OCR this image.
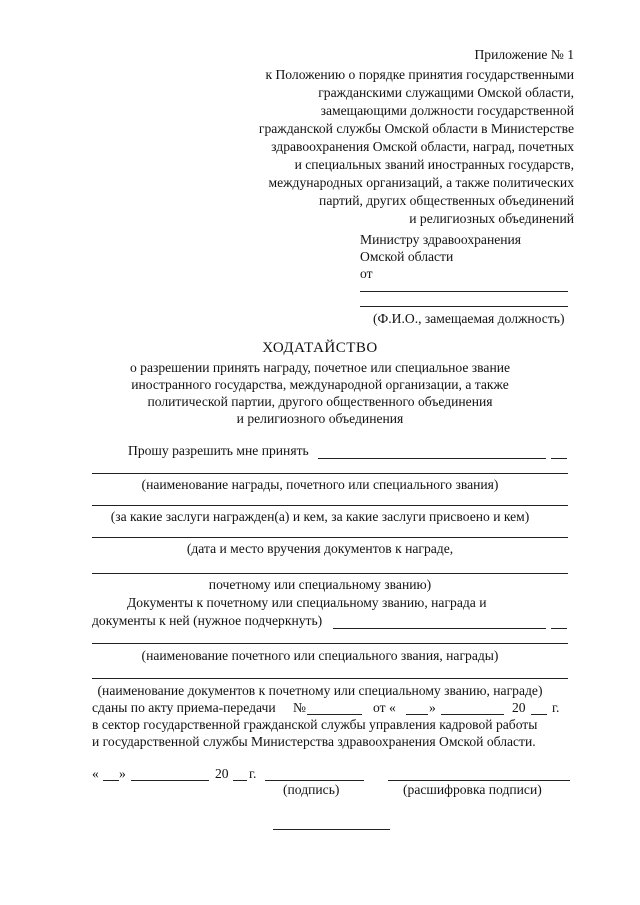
Приложение № 1
к Положению о порядке принятия государственными
гражданскими служащими Омской области,
замещающими должности государственной
гражданской службы Омской области в Министерстве
здравоохранения Омской области, наград, почетных
и специальных званий иностранных государств,
международных организаций, а также политических
партий, других общественных объединений
и религиозных объединений
Министру здравоохранения
Омской области
от
(Ф.И.О., замещаемая должность)
ХОДАТАЙСТВО
о разрешении принять награду, почетное или специальное звание
иностранного государства, международной организации, а также
политической партии, другого общественного объединения
и религиозного объединения
Прошу разрешить мне принять
(наименование награды, почетного или специального звания)
(за какие заслуги награжден(а) и кем, за какие заслуги присвоено и кем)
(дата и место вручения документов к награде,
почетному или специальному званию)
Документы к почетному или специальному званию, награда и
документы к ней (нужное подчеркнуть)
(наименование почетного или специального звания, награды)
(наименование документов к почетному или специальному званию, награде)
сданы по акту приема-передачи №	от « »	20 г.
в сектор государственной гражданской службы управления кадровой работы
и государственной службы Министерства здравоохранения Омской области.
« »	20 г.
(подпись)	(расшифровка подписи)
